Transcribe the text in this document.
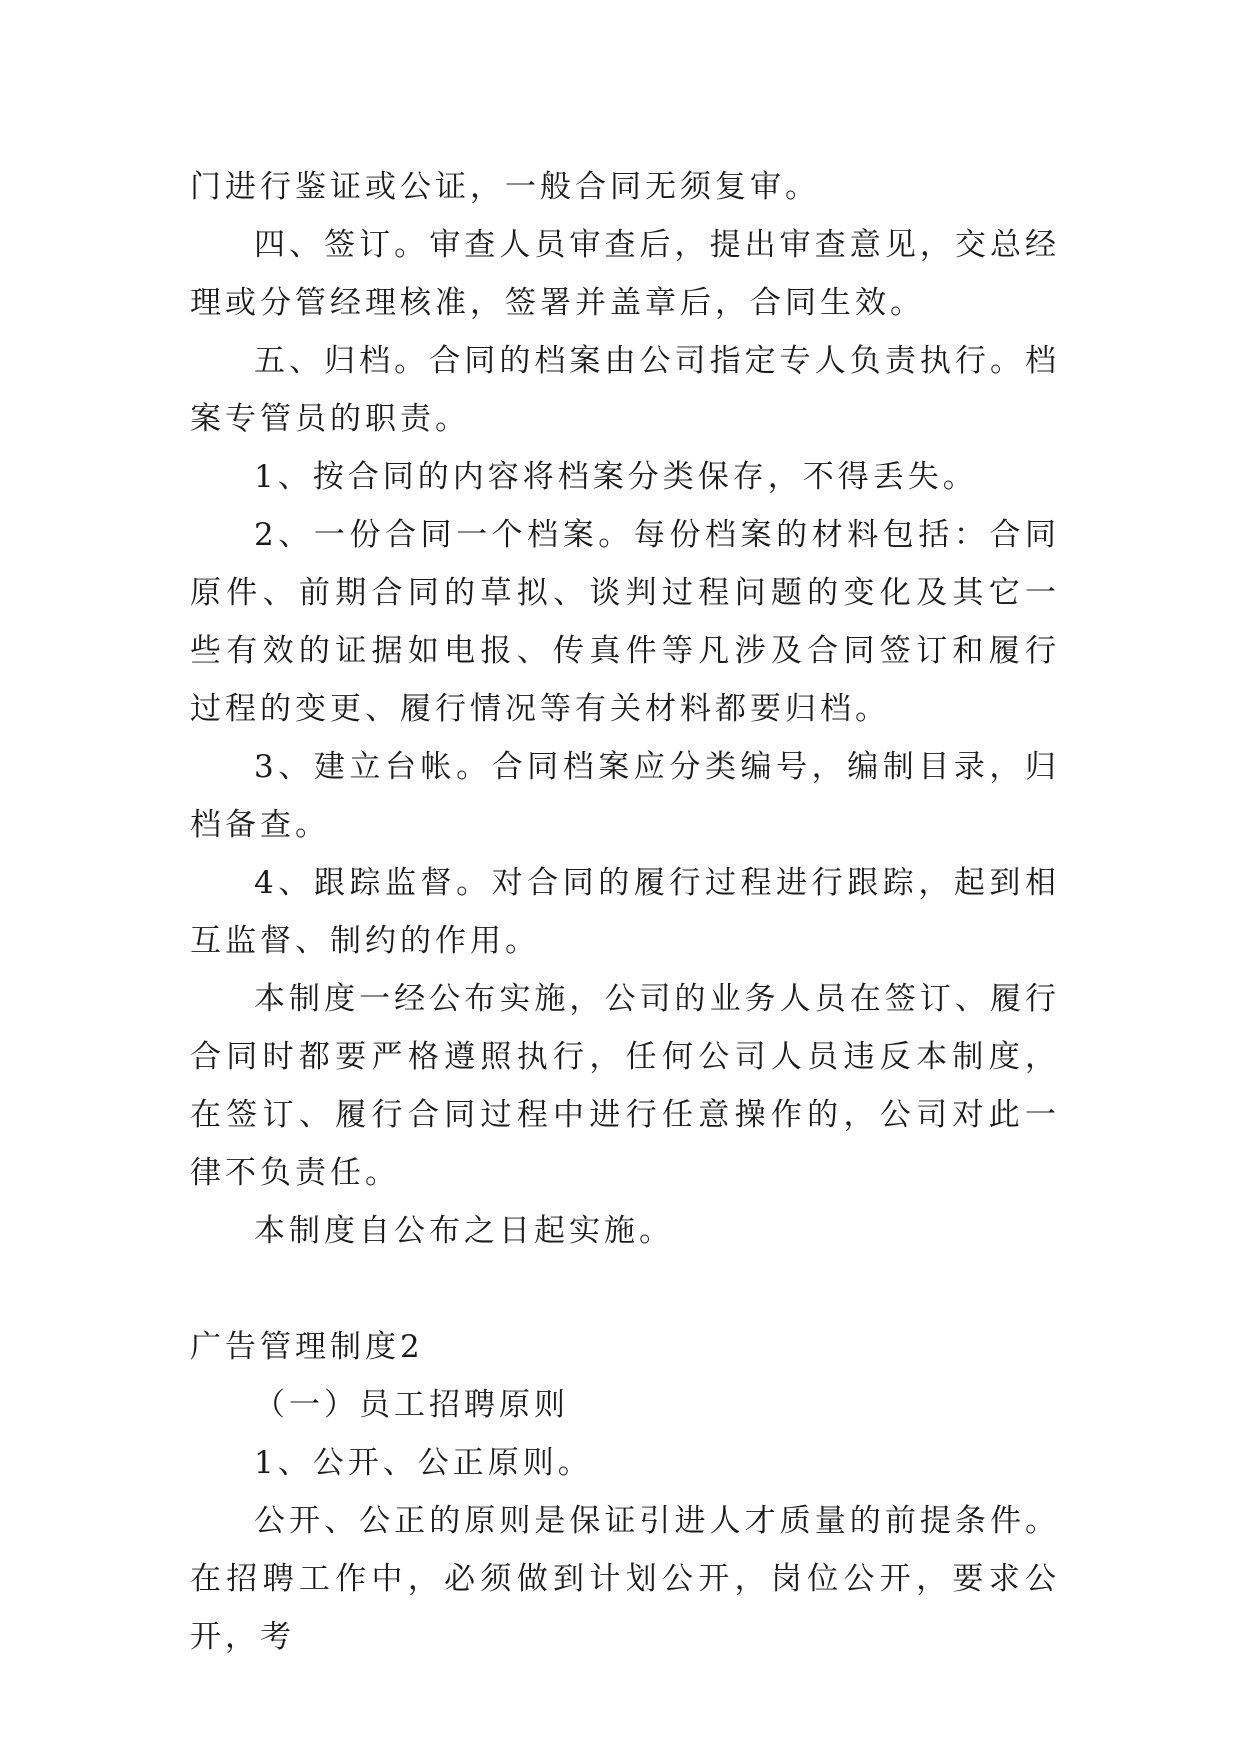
门进行鉴证或公证，一般合同无须复审。

四、签订。审查人员审查后，提出审查意见，交总经理或分管经理核准，签署并盖章后，合同生效。

五、归档。合同的档案由公司指定专人负责执行。档案专管员的职责。

1、按合同的内容将档案分类保存，不得丢失。

2、一份合同一个档案。每份档案的材料包括：合同原件、前期合同的草拟、谈判过程问题的变化及其它一些有效的证据如电报、传真件等凡涉及合同签订和履行过程的变更、履行情况等有关材料都要归档。

3、建立台帐。合同档案应分类编号，编制目录，归档备查。

4、跟踪监督。对合同的履行过程进行跟踪，起到相互监督、制约的作用。

本制度一经公布实施，公司的业务人员在签订、履行合同时都要严格遵照执行，任何公司人员违反本制度，在签订、履行合同过程中进行任意操作的，公司对此一律不负责任。

本制度自公布之日起实施。

广告管理制度2

（一）员工招聘原则

1、公开、公正原则。

公开、公正的原则是保证引进人才质量的前提条件。在招聘工作中，必须做到计划公开，岗位公开，要求公开，考
